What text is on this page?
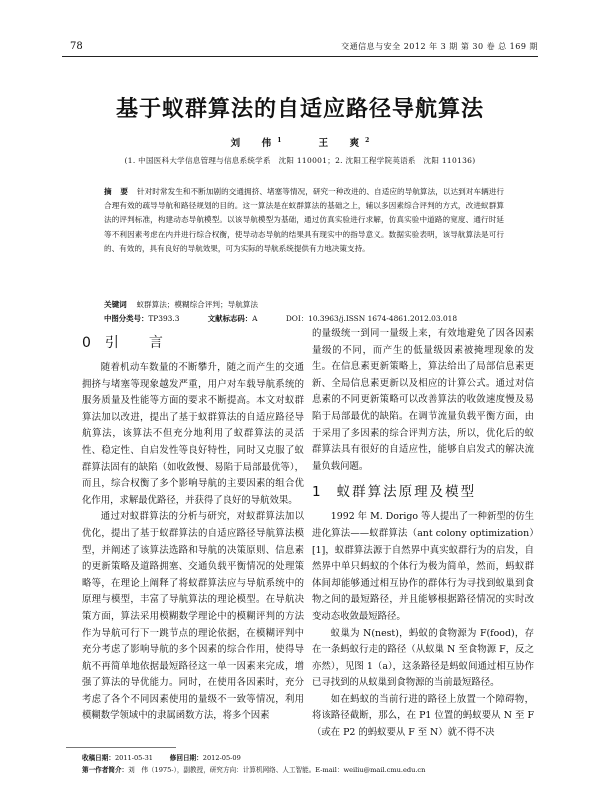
78	交通信息与安全 2012 年 3 期 第 30 卷 总 169 期
基于蚁群算法的自适应路径导航算法
刘　伟$^1$	王　爽$^2$
(1. 中国医科大学信息管理与信息系统学系　沈阳 110001；2. 沈阳工程学院英语系　沈阳 110136)
摘 要 针对时常发生和不断加剧的交通拥挤、堵塞等情况，研究一种改进的、自适应的导航算法，以达到对车辆进行合理有效的疏导导航和路径规划的目的。这一算法是在蚁群算法的基础之上，辅以多因素综合评判的方式，改进蚁群算法的评判标准，构建动态导航模型。以该导航模型为基础，通过仿真实验进行求解，仿真实验中道路的宽度、通行时延等不利因素考虑在内并进行综合权衡，使导动态导航的结果具有现实中的指导意义。数据实验表明，该导航算法是可行的、有效的，具有良好的导航效果，可为实际的导航系统提供有力地决策支持。
关键词 蚁群算法；模糊综合评判；导航算法
中图分类号：TP393.3	文献标志码：A	DOI：10.3963/j.ISSN 1674-4861.2012.03.018
0 引　言

随着机动车数量的不断攀升，随之而产生的交通拥挤与堵塞等现象越发严重，用户对车载导航系统的服务质量及性能等方面的要求不断提高。本文对蚁群算法加以改进，提出了基于蚁群算法的自适应路径导航算法，该算法不但充分地利用了蚁群算法的灵活性、稳定性、自启发性等良好特性，同时又克服了蚁群算法固有的缺陷（如收敛慢、易陷于局部最优等），而且，综合权衡了多个影响导航的主要因素的组合优化作用，求解最优路径，并获得了良好的导航效果。

通过对蚁群算法的分析与研究，对蚁群算法加以优化，提出了基于蚁群算法的自适应路径导航算法模型，并阐述了该算法选路和导航的决策原则、信息素的更新策略及道路拥塞、交通负载平衡情况的处理策略等，在理论上阐释了将蚁群算法应与导航系统中的原理与模型，丰富了导航算法的理论模型。在导航决策方面，算法采用模糊数学理论中的模糊评判的方法作为导航可行下一跳节点的理论依据，在模糊评判中充分考虑了影响导航的多个因素的综合作用，使得导航不再简单地依据最短路径这一单一因素来完成，增强了算法的导优能力。同时，在使用各因素时，充分考虑了各个不同因素使用的量级不一致等情况，利用模糊数学领域中的隶属函数方法，将多个因素

的量级统一到同一量级上来，有效地避免了因各因素量级的不同，而产生的低量级因素被掩埋现象的发生。在信息素更新策略上，算法给出了局部信息素更新、全局信息素更新以及相应的计算公式。通过对信息素的不同更新策略可以改善算法的收敛速度慢及易陷于局部最优的缺陷。在调节流量负载平衡方面，由于采用了多因素的综合评判方法，所以，优化后的蚁群算法具有很好的自适应性，能够自启发式的解决流量负载问题。

1 蚁群算法原理及模型

1992 年 M. Dorigo 等人提出了一种新型的仿生进化算法——蚁群算法（ant colony optimization）[1]，蚁群算法源于自然界中真实蚁群行为的启发，自然界中单只蚂蚁的个体行为极为简单，然而，蚂蚁群体间却能够通过相互协作的群体行为寻找到蚁巢到食物之间的最短路径，并且能够根据路径情况的实时改变动态收敛最短路径。

蚁巢为 N(nest)，蚂蚁的食物源为 F(food)，存在一条蚂蚁行走的路径（从蚁巢 N 至食物源 F，反之亦然），见图 1（a），这条路径是蚂蚁间通过相互协作已寻找到的从蚁巢到食物源的当前最短路径。

如在蚂蚁的当前行进的路径上放置一个障碍物，将该路径截断，那么，在 P1 位置的蚂蚁要从 N 至 F（或在 P2 的蚂蚁要从 F 至 N）就不得不决

收稿日期：2011-05-31	修回日期：2012-05-09
第一作者简介：刘　伟（1975-），副教授，研究方向：计算机网络、人工智能。E-mail：weiliu@mail.cmu.edu.cn
